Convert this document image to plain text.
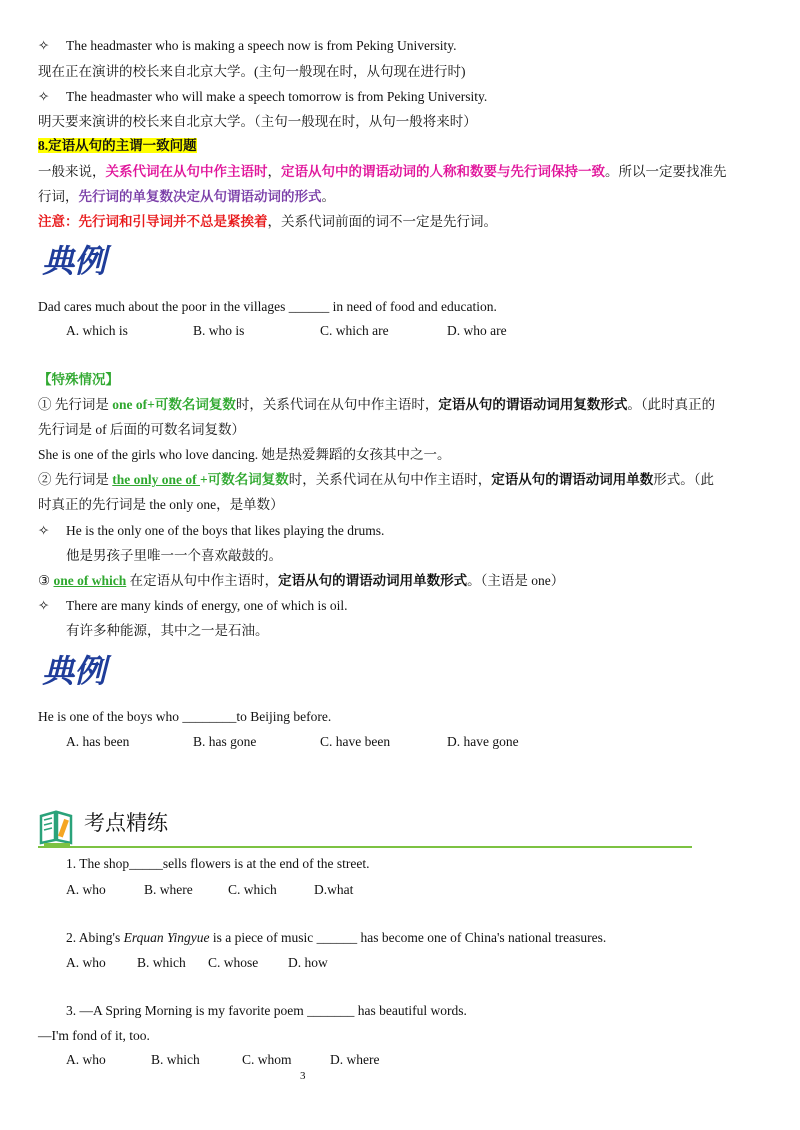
✧ The headmaster who is making a speech now is from Peking University.
现在正在演讲的校长来自北京大学。(主句一般现在时，从句现在进行时)
✧ The headmaster who will make a speech tomorrow is from Peking University.
明天要来演讲的校长来自北京大学。（主句一般现在时，从句一般将来时）
8.定语从句的主谓一致问题
一般来说，关系代词在从句中作主语时，定语从句中的谓语动词的人称和数要与先行词保持一致。所以一定要找准先
行词，先行词的单复数决定从句谓语动词的形式。
注意：先行词和引导词并不总是紧挨着，关系代词前面的词不一定是先行词。
典例
Dad cares much about the poor in the villages ______ in need of food and education.
A. which is	B. who is	C. which are	D. who are
【特殊情况】
① 先行词是 one of+可数名词复数时，关系代词在从句中作主语时，定语从句的谓语动词用复数形式。（此时真正的
先行词是 of 后面的可数名词复数）
She is one of the girls who love dancing. 她是热爱舞蹈的女孩其中之一。
② 先行词是 the only one of +可数名词复数时，关系代词在从句中作主语时，定语从句的谓语动词用单数形式。（此
时真正的先行词是 the only one，是单数）
✧ He is the only one of the boys that likes playing the drums.
他是男孩子里唯一一个喜欢敲鼓的。
③ one of which 在定语从句中作主语时，定语从句的谓语动词用单数形式。（主语是 one）
✧ There are many kinds of energy, one of which is oil.
有许多种能源，其中之一是石油。
典例
He is one of the boys who ________to Beijing before.
A. has been	B. has gone	C. have been	D. have gone
考点精练
1. The shop_____sells flowers is at the end of the street.
A. who	B. where	C. which	D.what
2. Abing's Erquan Yingyue is a piece of music ______ has become one of China's national treasures.
A. who B. which C. whose D. how
3. —A Spring Morning is my favorite poem _______ has beautiful words.
—I'm fond of it, too.
A. who	B. which	C. whom	D. where
3
